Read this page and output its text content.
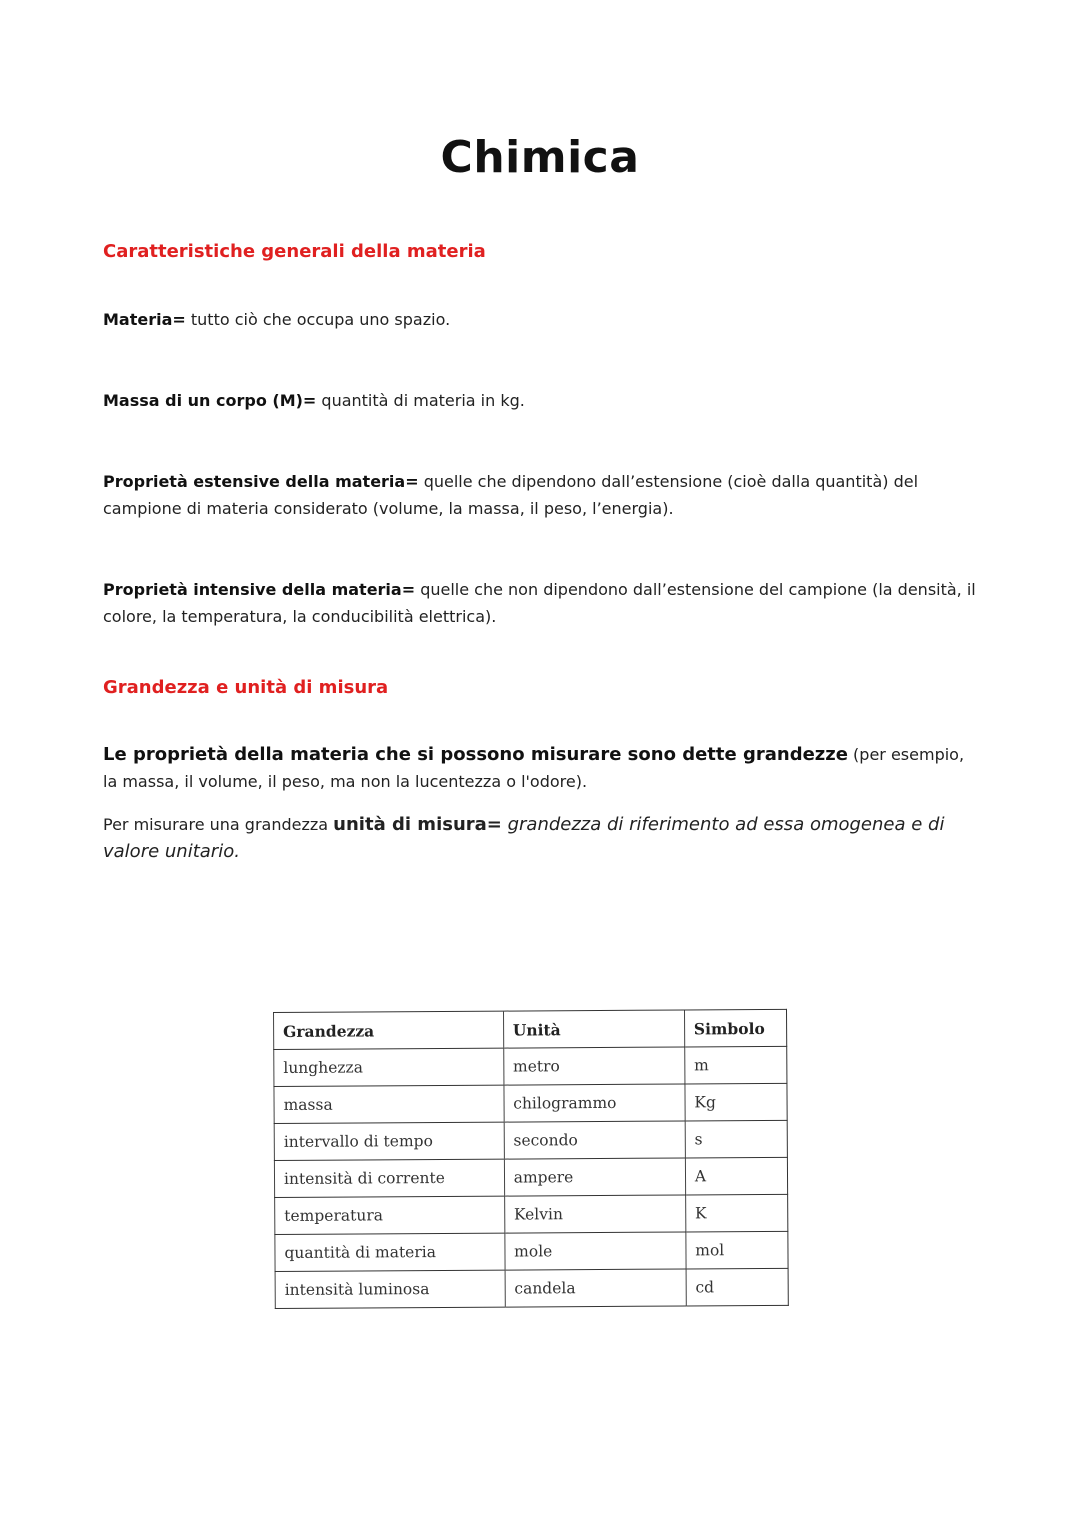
Chimica
Caratteristiche generali della materia
Materia= tutto ciò che occupa uno spazio.
Massa di un corpo (M)= quantità di materia in kg.
Proprietà estensive della materia= quelle che dipendono dall’estensione (cioè dalla quantità) del campione di materia considerato (volume, la massa, il peso, l’energia).
Proprietà intensive della materia= quelle che non dipendono dall’estensione del campione (la densità, il colore, la temperatura, la conducibilità elettrica).
Grandezza e unità di misura
Le proprietà della materia che si possono misurare sono dette grandezze (per esempio, la massa, il volume, il peso, ma non la lucentezza o l'odore).
Per misurare una grandezza unità di misura= grandezza di riferimento ad essa omogenea e di valore unitario.
Grandezza	Unità	Simbolo
lunghezza	metro	m
massa	chilogrammo	Kg
intervallo di tempo	secondo	s
intensità di corrente	ampere	A
temperatura	Kelvin	K
quantità di materia	mole	mol
intensità luminosa	candela	cd
